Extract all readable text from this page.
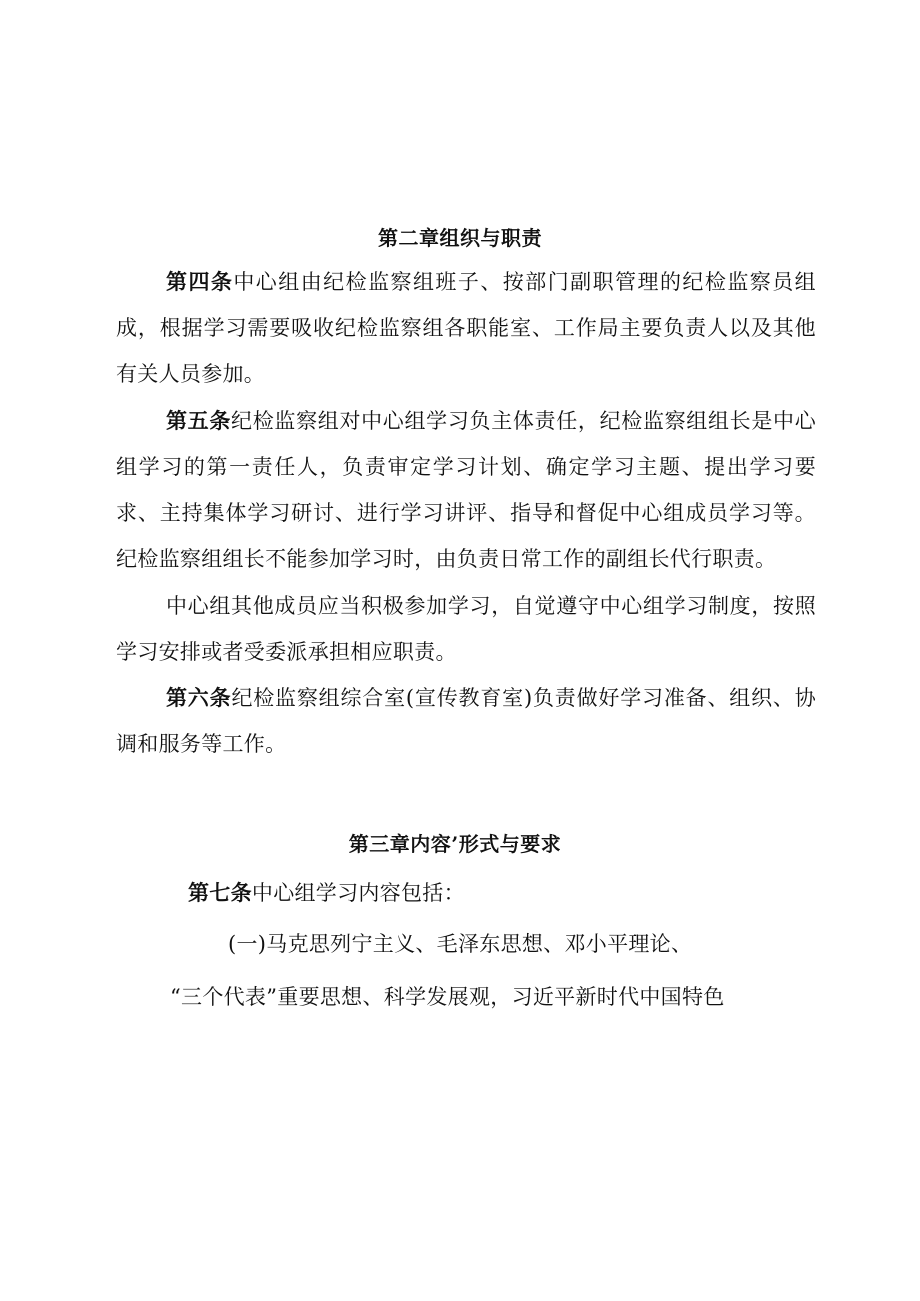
第二章组织与职责

第四条中心组由纪检监察组班子、按部门副职管理的纪检监察员组成，根据学习需要吸收纪检监察组各职能室、工作局主要负责人以及其他有关人员参加。

第五条纪检监察组对中心组学习负主体责任，纪检监察组组长是中心组学习的第一责任人，负责审定学习计划、确定学习主题、提出学习要求、主持集体学习研讨、进行学习讲评、指导和督促中心组成员学习等。纪检监察组组长不能参加学习时，由负责日常工作的副组长代行职责。

中心组其他成员应当积极参加学习，自觉遵守中心组学习制度，按照学习安排或者受委派承担相应职责。

第六条纪检监察组综合室(宣传教育室)负责做好学习准备、组织、协调和服务等工作。

第三章内容’形式与要求
第七条中心组学习内容包括：
(一)马克思列宁主义、毛泽东思想、邓小平理论、
“三个代表”重要思想、科学发展观，习近平新时代中国特色
